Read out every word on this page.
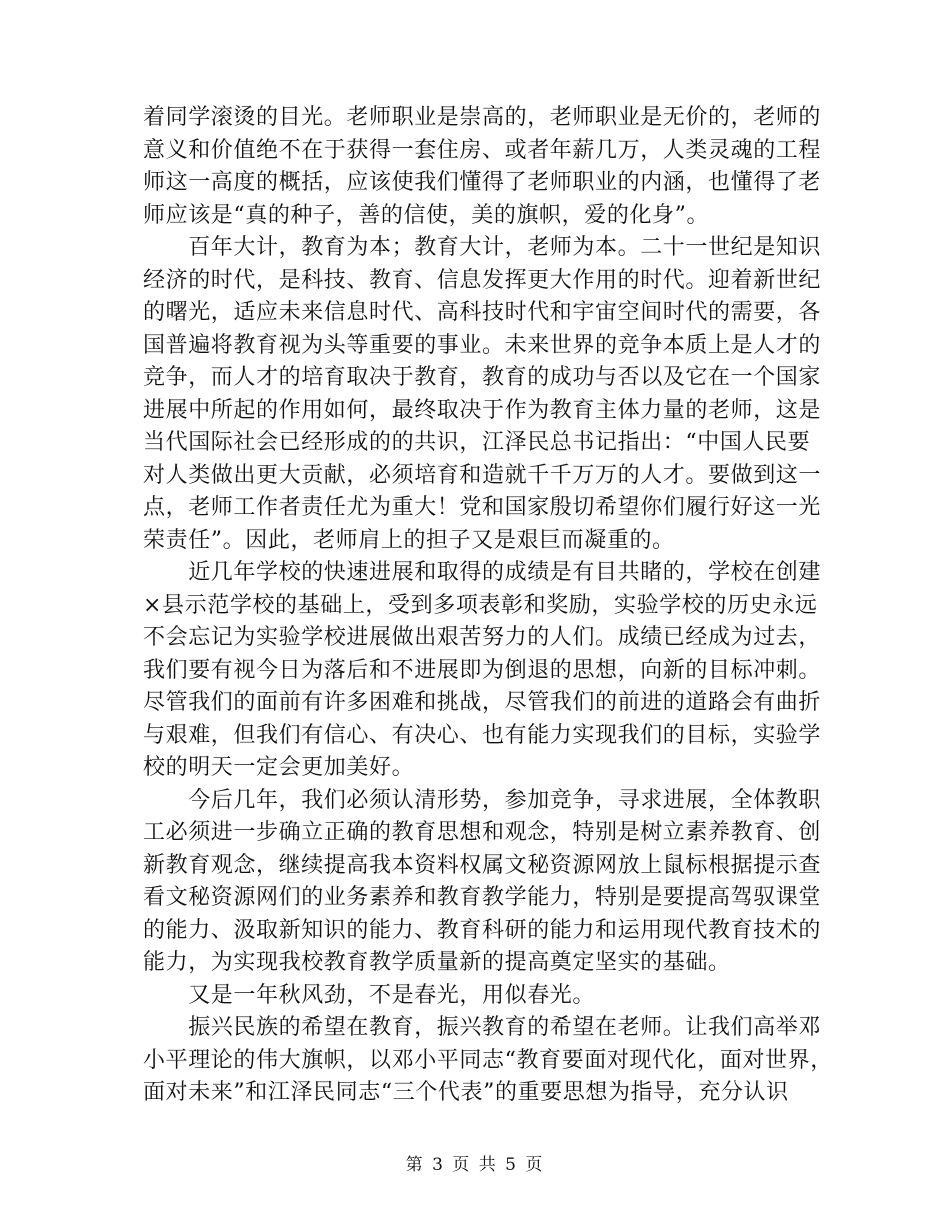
着同学滚烫的目光。老师职业是崇高的，老师职业是无价的，老师的
意义和价值绝不在于获得一套住房、或者年薪几万，人类灵魂的工程
师这一高度的概括，应该使我们懂得了老师职业的内涵，也懂得了老
师应该是“真的种子，善的信使，美的旗帜，爱的化身”。
　　百年大计，教育为本；教育大计，老师为本。二十一世纪是知识
经济的时代，是科技、教育、信息发挥更大作用的时代。迎着新世纪
的曙光，适应未来信息时代、高科技时代和宇宙空间时代的需要，各
国普遍将教育视为头等重要的事业。未来世界的竞争本质上是人才的
竞争，而人才的培育取决于教育，教育的成功与否以及它在一个国家
进展中所起的作用如何，最终取决于作为教育主体力量的老师，这是
当代国际社会已经形成的的共识，江泽民总书记指出：“中国人民要
对人类做出更大贡献，必须培育和造就千千万万的人才。要做到这一
点，老师工作者责任尤为重大！党和国家殷切希望你们履行好这一光
荣责任”。因此，老师肩上的担子又是艰巨而凝重的。
　　近几年学校的快速进展和取得的成绩是有目共睹的，学校在创建
×县示范学校的基础上，受到多项表彰和奖励，实验学校的历史永远
不会忘记为实验学校进展做出艰苦努力的人们。成绩已经成为过去，
我们要有视今日为落后和不进展即为倒退的思想，向新的目标冲刺。
尽管我们的面前有许多困难和挑战，尽管我们的前进的道路会有曲折
与艰难，但我们有信心、有决心、也有能力实现我们的目标，实验学
校的明天一定会更加美好。
　　今后几年，我们必须认清形势，参加竞争，寻求进展，全体教职
工必须进一步确立正确的教育思想和观念，特别是树立素养教育、创
新教育观念，继续提高我本资料权属文秘资源网放上鼠标根据提示查
看文秘资源网们的业务素养和教育教学能力，特别是要提高驾驭课堂
的能力、汲取新知识的能力、教育科研的能力和运用现代教育技术的
能力，为实现我校教育教学质量新的提高奠定坚实的基础。
　　又是一年秋风劲，不是春光，用似春光。
　　振兴民族的希望在教育，振兴教育的希望在老师。让我们高举邓
小平理论的伟大旗帜，以邓小平同志“教育要面对现代化，面对世界，
面对未来”和江泽民同志“三个代表”的重要思想为指导，充分认识
第 3 页 共 5 页
